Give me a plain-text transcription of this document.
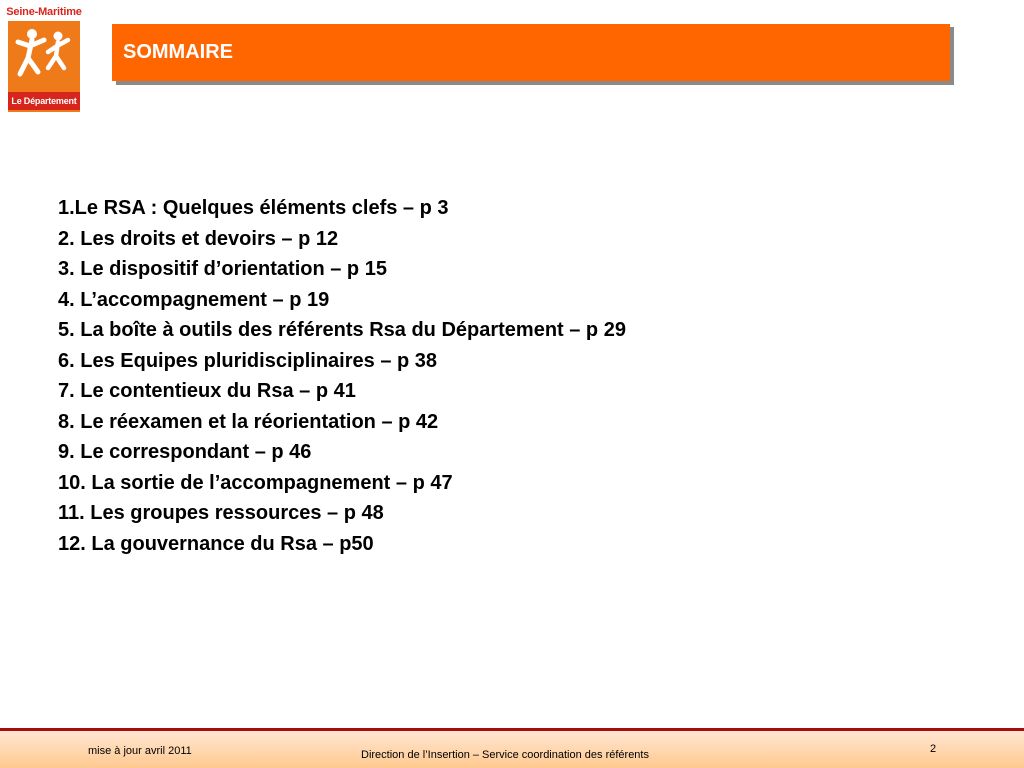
Seine-Maritime
Le Département
SOMMAIRE
1.Le RSA : Quelques éléments clefs – p 3
2. Les droits et devoirs – p 12
3. Le dispositif d’orientation – p 15
4. L’accompagnement – p 19
5. La boîte à outils des référents Rsa du Département – p 29
6. Les Equipes pluridisciplinaires – p 38
7. Le contentieux du Rsa – p 41
8. Le réexamen et la réorientation – p 42
9. Le correspondant – p 46
10. La sortie de l’accompagnement – p 47
11. Les groupes ressources – p 48
12. La gouvernance du Rsa – p50
mise à jour avril 2011	Direction de l’Insertion – Service coordination des référents	2
